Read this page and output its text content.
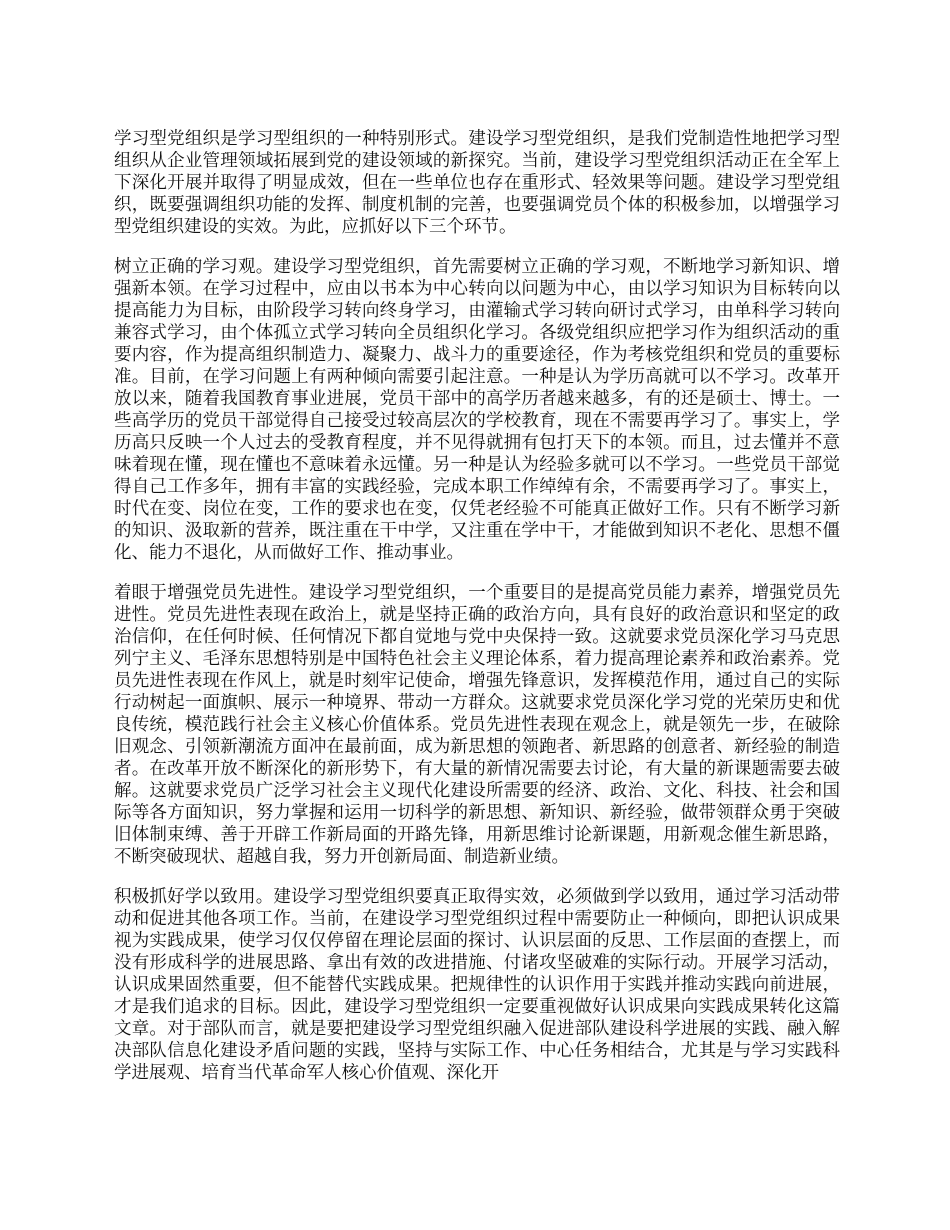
学习型党组织是学习型组织的一种特别形式。建设学习型党组织，是我们党制造性地把学习型组织从企业管理领域拓展到党的建设领域的新探究。当前，建设学习型党组织活动正在全军上下深化开展并取得了明显成效，但在一些单位也存在重形式、轻效果等问题。建设学习型党组织，既要强调组织功能的发挥、制度机制的完善，也要强调党员个体的积极参加，以增强学习型党组织建设的实效。为此，应抓好以下三个环节。

树立正确的学习观。建设学习型党组织，首先需要树立正确的学习观，不断地学习新知识、增强新本领。在学习过程中，应由以书本为中心转向以问题为中心，由以学习知识为目标转向以提高能力为目标，由阶段学习转向终身学习，由灌输式学习转向研讨式学习，由单科学习转向兼容式学习，由个体孤立式学习转向全员组织化学习。各级党组织应把学习作为组织活动的重要内容，作为提高组织制造力、凝聚力、战斗力的重要途径，作为考核党组织和党员的重要标准。目前，在学习问题上有两种倾向需要引起注意。一种是认为学历高就可以不学习。改革开放以来，随着我国教育事业进展，党员干部中的高学历者越来越多，有的还是硕士、博士。一些高学历的党员干部觉得自己接受过较高层次的学校教育，现在不需要再学习了。事实上，学历高只反映一个人过去的受教育程度，并不见得就拥有包打天下的本领。而且，过去懂并不意味着现在懂，现在懂也不意味着永远懂。另一种是认为经验多就可以不学习。一些党员干部觉得自己工作多年，拥有丰富的实践经验，完成本职工作绰绰有余，不需要再学习了。事实上，时代在变、岗位在变，工作的要求也在变，仅凭老经验不可能真正做好工作。只有不断学习新的知识、汲取新的营养，既注重在干中学，又注重在学中干，才能做到知识不老化、思想不僵化、能力不退化，从而做好工作、推动事业。

着眼于增强党员先进性。建设学习型党组织，一个重要目的是提高党员能力素养，增强党员先进性。党员先进性表现在政治上，就是坚持正确的政治方向，具有良好的政治意识和坚定的政治信仰，在任何时候、任何情况下都自觉地与党中央保持一致。这就要求党员深化学习马克思列宁主义、毛泽东思想特别是中国特色社会主义理论体系，着力提高理论素养和政治素养。党员先进性表现在作风上，就是时刻牢记使命，增强先锋意识，发挥模范作用，通过自己的实际行动树起一面旗帜、展示一种境界、带动一方群众。这就要求党员深化学习党的光荣历史和优良传统，模范践行社会主义核心价值体系。党员先进性表现在观念上，就是领先一步，在破除旧观念、引领新潮流方面冲在最前面，成为新思想的领跑者、新思路的创意者、新经验的制造者。在改革开放不断深化的新形势下，有大量的新情况需要去讨论，有大量的新课题需要去破解。这就要求党员广泛学习社会主义现代化建设所需要的经济、政治、文化、科技、社会和国际等各方面知识，努力掌握和运用一切科学的新思想、新知识、新经验，做带领群众勇于突破旧体制束缚、善于开辟工作新局面的开路先锋，用新思维讨论新课题，用新观念催生新思路，不断突破现状、超越自我，努力开创新局面、制造新业绩。

积极抓好学以致用。建设学习型党组织要真正取得实效，必须做到学以致用，通过学习活动带动和促进其他各项工作。当前，在建设学习型党组织过程中需要防止一种倾向，即把认识成果视为实践成果，使学习仅仅停留在理论层面的探讨、认识层面的反思、工作层面的查摆上，而没有形成科学的进展思路、拿出有效的改进措施、付诸攻坚破难的实际行动。开展学习活动，认识成果固然重要，但不能替代实践成果。把规律性的认识作用于实践并推动实践向前进展，才是我们追求的目标。因此，建设学习型党组织一定要重视做好认识成果向实践成果转化这篇文章。对于部队而言，就是要把建设学习型党组织融入促进部队建设科学进展的实践、融入解决部队信息化建设矛盾问题的实践，坚持与实际工作、中心任务相结合，尤其是与学习实践科学进展观、培育当代革命军人核心价值观、深化开
